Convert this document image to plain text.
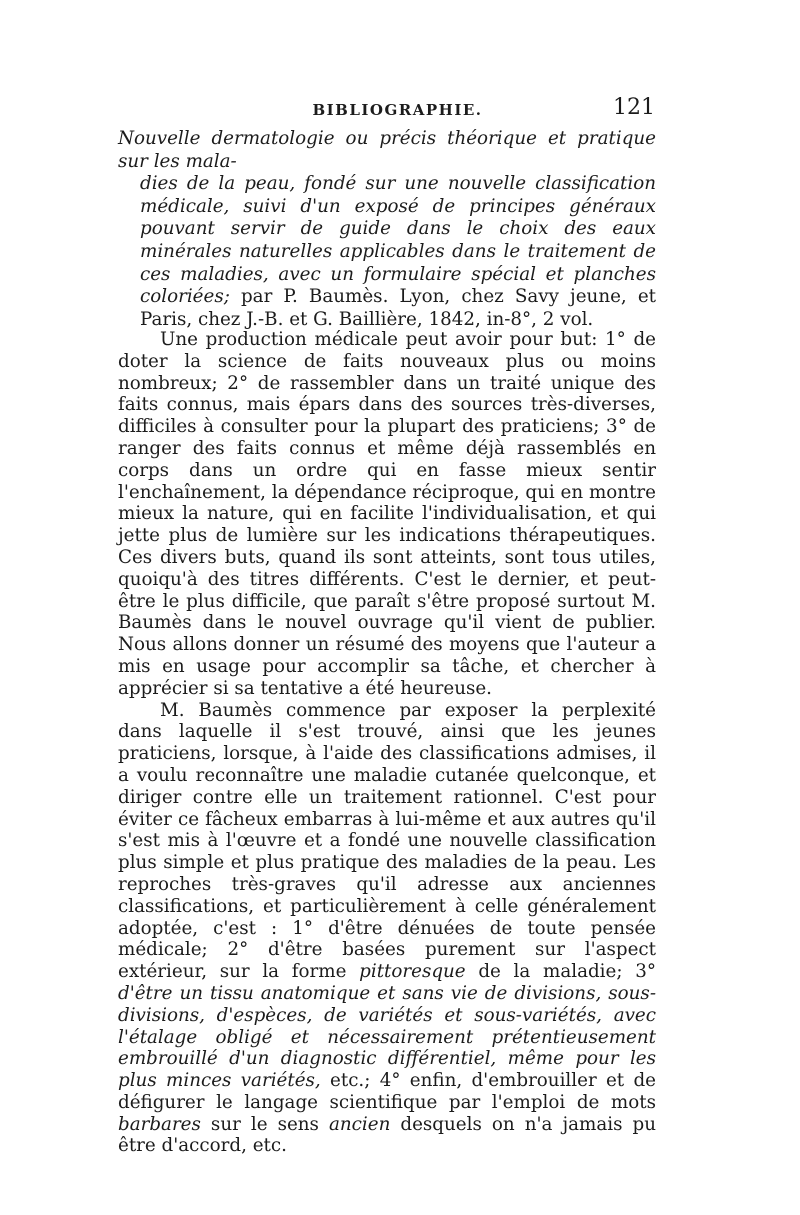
BIBLIOGRAPHIE.	121
Nouvelle dermatologie ou précis théorique et pratique sur les mala-
dies de la peau, fondé sur une nouvelle classification médicale, suivi d'un exposé de principes généraux pouvant servir de guide dans le choix des eaux minérales naturelles applicables dans le traitement de ces maladies, avec un formulaire spécial et planches coloriées; par P. Baumès. Lyon, chez Savy jeune, et Paris, chez J.-B. et G. Baillière, 1842, in-8°, 2 vol.

Une production médicale peut avoir pour but: 1° de doter la science de faits nouveaux plus ou moins nombreux; 2° de rassembler dans un traité unique des faits connus, mais épars dans des sources très-diverses, difficiles à consulter pour la plupart des praticiens; 3° de ranger des faits connus et même déjà rassemblés en corps dans un ordre qui en fasse mieux sentir l'enchaînement, la dépendance réciproque, qui en montre mieux la nature, qui en facilite l'individualisation, et qui jette plus de lumière sur les indications thérapeutiques. Ces divers buts, quand ils sont atteints, sont tous utiles, quoiqu'à des titres différents. C'est le dernier, et peut-être le plus difficile, que paraît s'être proposé surtout M. Baumès dans le nouvel ouvrage qu'il vient de publier. Nous allons donner un résumé des moyens que l'auteur a mis en usage pour accomplir sa tâche, et chercher à apprécier si sa tentative a été heureuse.

M. Baumès commence par exposer la perplexité dans laquelle il s'est trouvé, ainsi que les jeunes praticiens, lorsque, à l'aide des classifications admises, il a voulu reconnaître une maladie cutanée quelconque, et diriger contre elle un traitement rationnel. C'est pour éviter ce fâcheux embarras à lui-même et aux autres qu'il s'est mis à l'œuvre et a fondé une nouvelle classification plus simple et plus pratique des maladies de la peau. Les reproches très-graves qu'il adresse aux anciennes classifications, et particulièrement à celle généralement adoptée, c'est : 1° d'être dénuées de toute pensée médicale; 2° d'être basées purement sur l'aspect extérieur, sur la forme pittoresque de la maladie; 3° d'être un tissu anatomique et sans vie de divisions, sous-divisions, d'espèces, de variétés et sous-variétés, avec l'étalage obligé et nécessairement prétentieusement embrouillé d'un diagnostic différentiel, même pour les plus minces variétés, etc.; 4° enfin, d'embrouiller et de défigurer le langage scientifique par l'emploi de mots barbares sur le sens ancien desquels on n'a jamais pu être d'accord, etc.
